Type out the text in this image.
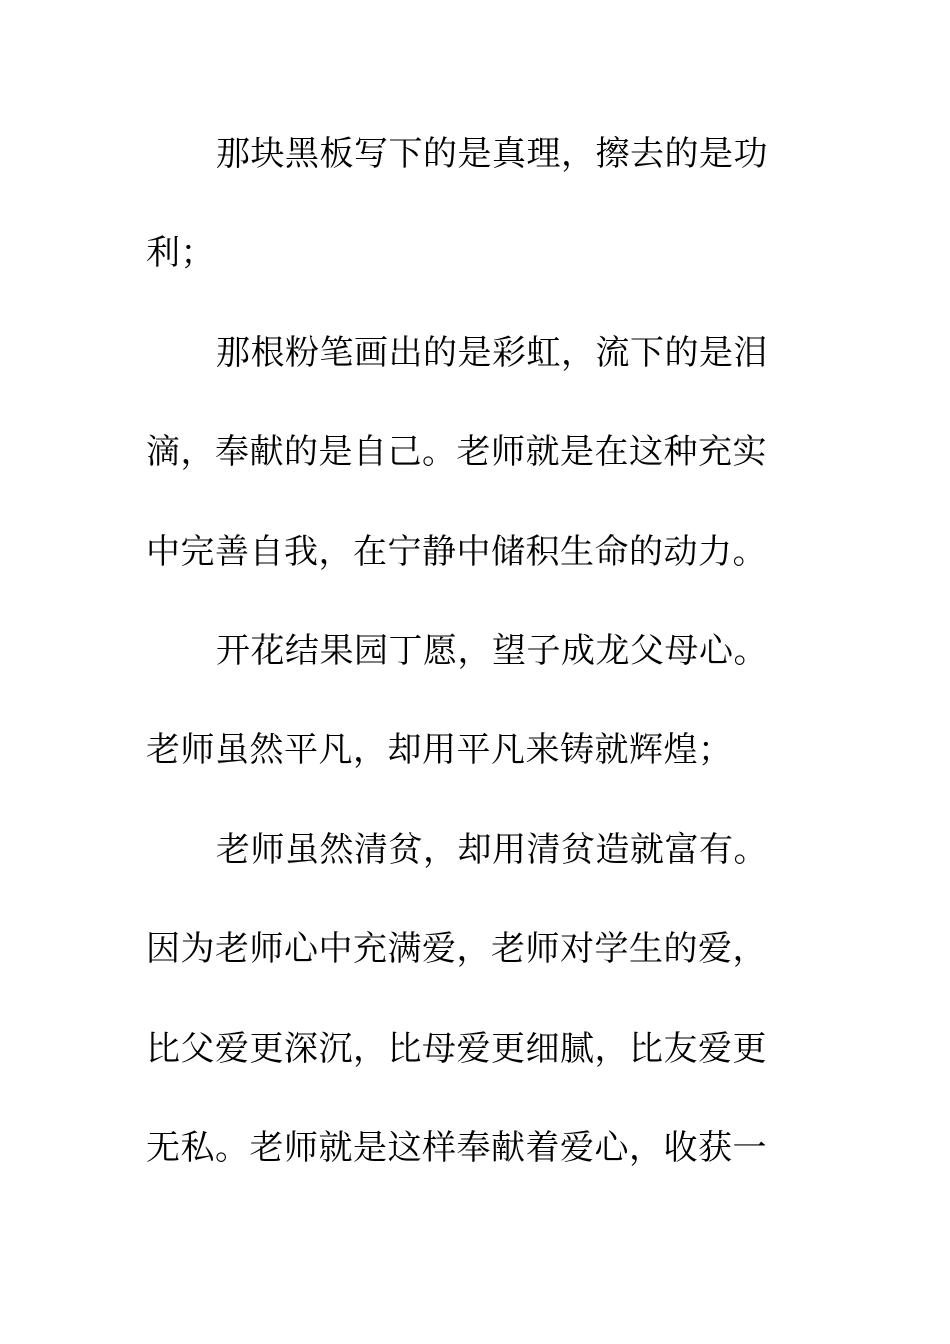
那块黑板写下的是真理，擦去的是功
利；
那根粉笔画出的是彩虹，流下的是泪
滴，奉献的是自己。老师就是在这种充实
中完善自我，在宁静中储积生命的动力。
开花结果园丁愿，望子成龙父母心。
老师虽然平凡，却用平凡来铸就辉煌；
老师虽然清贫，却用清贫造就富有。
因为老师心中充满爱，老师对学生的爱，
比父爱更深沉，比母爱更细腻，比友爱更
无私。老师就是这样奉献着爱心，收获一
